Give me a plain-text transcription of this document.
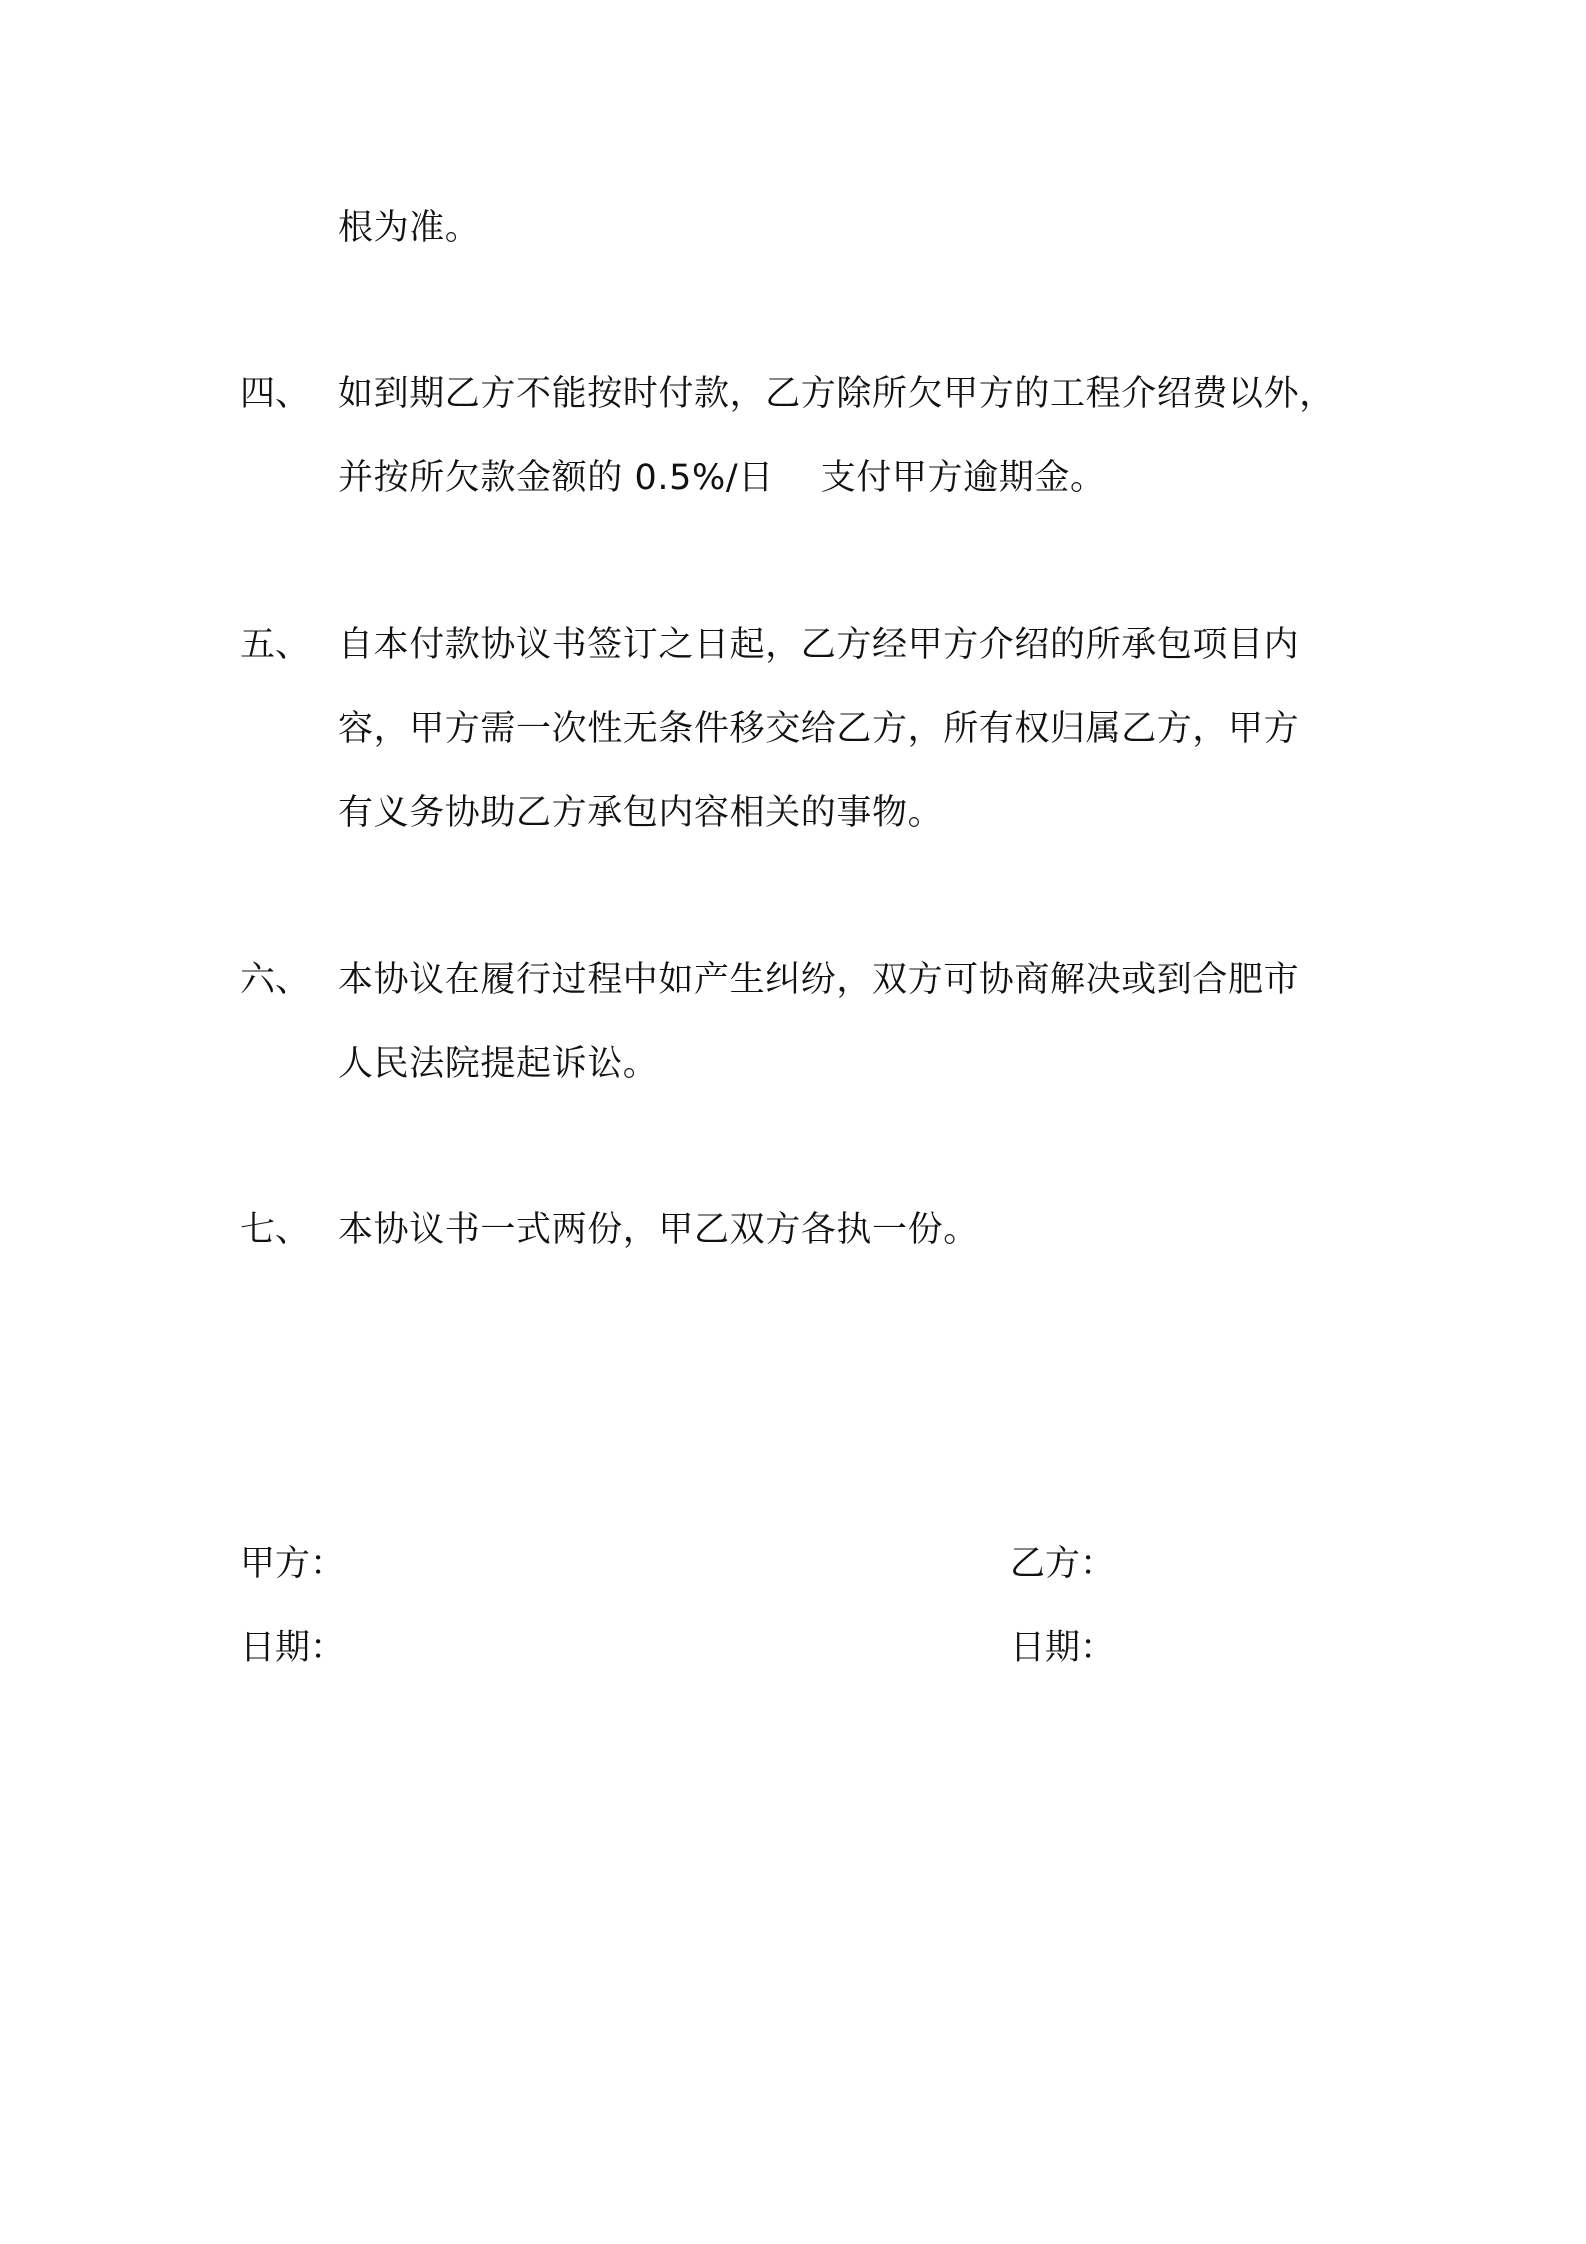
根为准。
四、 如到期乙方不能按时付款，乙方除所欠甲方的工程介绍费以外，
并按所欠款金额的 0.5%/日    支付甲方逾期金。
五、 自本付款协议书签订之日起，乙方经甲方介绍的所承包项目内
容，甲方需一次性无条件移交给乙方，所有权归属乙方，甲方
有义务协助乙方承包内容相关的事物。
六、 本协议在履行过程中如产生纠纷，双方可协商解决或到合肥市
人民法院提起诉讼。
七、 本协议书一式两份，甲乙双方各执一份。
甲方：	乙方：
日期：	日期：
